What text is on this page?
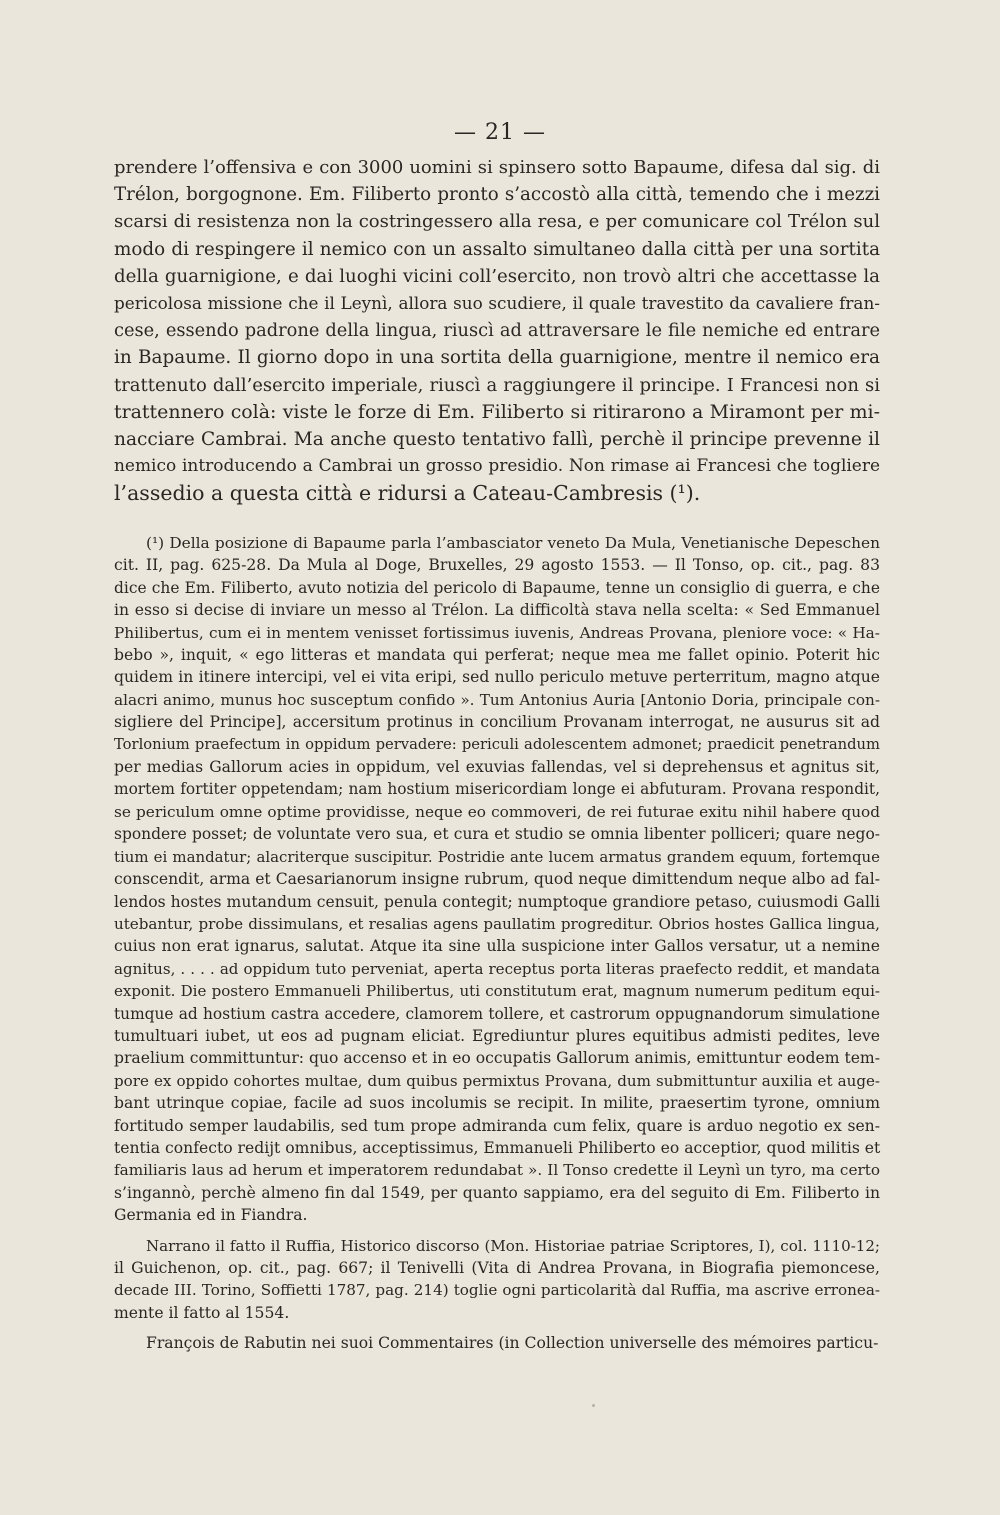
— 21 —
prendere l’offensiva e con 3000 uomini si spinsero sotto Bapaume, difesa dal sig. di
Trélon, borgognone. Em. Filiberto pronto s’accostò alla città, temendo che i mezzi
scarsi di resistenza non la costringessero alla resa, e per comunicare col Trélon sul
modo di respingere il nemico con un assalto simultaneo dalla città per una sortita
della guarnigione, e dai luoghi vicini coll’esercito, non trovò altri che accettasse la
pericolosa missione che il Leynì, allora suo scudiere, il quale travestito da cavaliere fran-
cese, essendo padrone della lingua, riuscì ad attraversare le file nemiche ed entrare
in Bapaume. Il giorno dopo in una sortita della guarnigione, mentre il nemico era
trattenuto dall’esercito imperiale, riuscì a raggiungere il principe. I Francesi non si
trattennero colà: viste le forze di Em. Filiberto si ritirarono a Miramont per mi-
nacciare Cambrai. Ma anche questo tentativo fallì, perchè il principe prevenne il
nemico introducendo a Cambrai un grosso presidio. Non rimase ai Francesi che togliere
l’assedio a questa città e ridursi a Cateau-Cambresis (¹).
(¹) Della posizione di Bapaume parla l’ambasciator veneto Da Mula, Venetianische Depeschen
cit. II, pag. 625-28. Da Mula al Doge, Bruxelles, 29 agosto 1553. — Il Tonso, op. cit., pag. 83
dice che Em. Filiberto, avuto notizia del pericolo di Bapaume, tenne un consiglio di guerra, e che
in esso si decise di inviare un messo al Trélon. La difficoltà stava nella scelta: « Sed Emmanuel
Philibertus, cum ei in mentem venisset fortissimus iuvenis, Andreas Provana, pleniore voce: « Ha-
bebo », inquit, « ego litteras et mandata qui perferat; neque mea me fallet opinio. Poterit hic
quidem in itinere intercipi, vel ei vita eripi, sed nullo periculo metuve perterritum, magno atque
alacri animo, munus hoc susceptum confido ». Tum Antonius Auria [Antonio Doria, principale con-
sigliere del Principe], accersitum protinus in concilium Provanam interrogat, ne ausurus sit ad
Torlonium praefectum in oppidum pervadere: periculi adolescentem admonet; praedicit penetrandum
per medias Gallorum acies in oppidum, vel exuvias fallendas, vel si deprehensus et agnitus sit,
mortem fortiter oppetendam; nam hostium misericordiam longe ei abfuturam. Provana respondit,
se periculum omne optime providisse, neque eo commoveri, de rei futurae exitu nihil habere quod
spondere posset; de voluntate vero sua, et cura et studio se omnia libenter polliceri; quare nego-
tium ei mandatur; alacriterque suscipitur. Postridie ante lucem armatus grandem equum, fortemque
conscendit, arma et Caesarianorum insigne rubrum, quod neque dimittendum neque albo ad fal-
lendos hostes mutandum censuit, penula contegit; numptoque grandiore petaso, cuiusmodi Galli
utebantur, probe dissimulans, et resalias agens paullatim progreditur. Obrios hostes Gallica lingua,
cuius non erat ignarus, salutat. Atque ita sine ulla suspicione inter Gallos versatur, ut a nemine
agnitus, . . . . ad oppidum tuto perveniat, aperta receptus porta literas praefecto reddit, et mandata
exponit. Die postero Emmanueli Philibertus, uti constitutum erat, magnum numerum peditum equi-
tumque ad hostium castra accedere, clamorem tollere, et castrorum oppugnandorum simulatione
tumultuari iubet, ut eos ad pugnam eliciat. Egrediuntur plures equitibus admisti pedites, leve
praelium committuntur: quo accenso et in eo occupatis Gallorum animis, emittuntur eodem tem-
pore ex oppido cohortes multae, dum quibus permixtus Provana, dum submittuntur auxilia et auge-
bant utrinque copiae, facile ad suos incolumis se recipit. In milite, praesertim tyrone, omnium
fortitudo semper laudabilis, sed tum prope admiranda cum felix, quare is arduo negotio ex sen-
tentia confecto redijt omnibus, acceptissimus, Emmanueli Philiberto eo acceptior, quod militis et
familiaris laus ad herum et imperatorem redundabat ». Il Tonso credette il Leynì un tyro, ma certo
s’ingannò, perchè almeno fin dal 1549, per quanto sappiamo, era del seguito di Em. Filiberto in
Germania ed in Fiandra.
Narrano il fatto il Ruffia, Historico discorso (Mon. Historiae patriae Scriptores, I), col. 1110-12;
il Guichenon, op. cit., pag. 667; il Tenivelli (Vita di Andrea Provana, in Biografia piemoncese,
decade III. Torino, Soffietti 1787, pag. 214) toglie ogni particolarità dal Ruffia, ma ascrive erronea-
mente il fatto al 1554.
François de Rabutin nei suoi Commentaires (in Collection universelle des mémoires particu-
